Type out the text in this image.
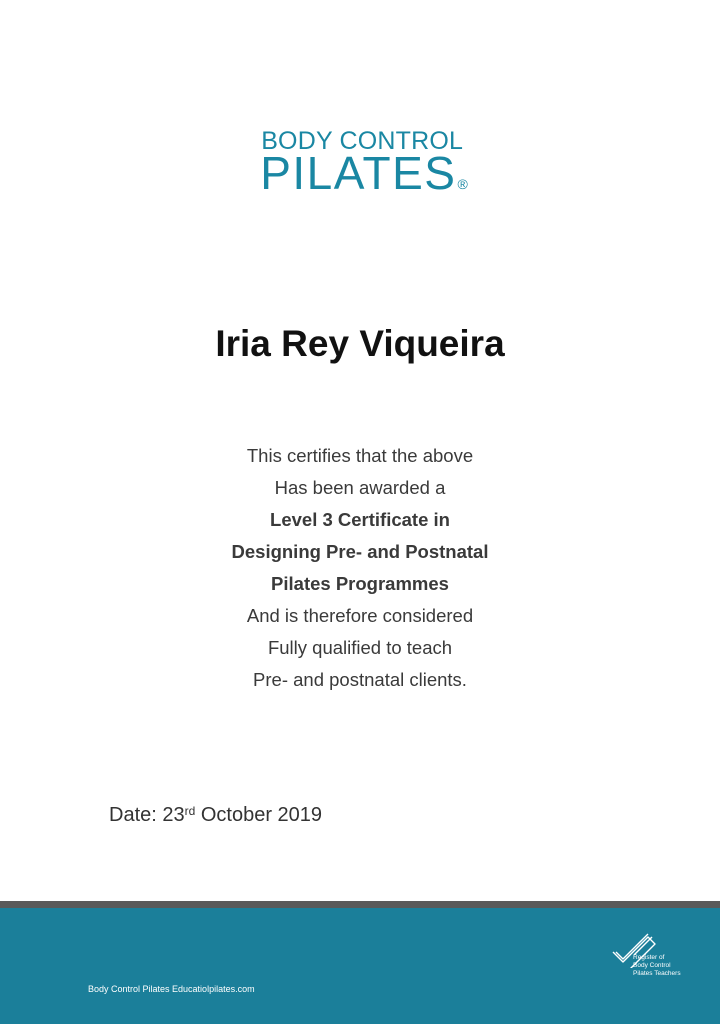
BODY CONTROL
PILATES®
Iria Rey Viqueira
This certifies that the above
Has been awarded a
Level 3 Certificate in
Designing Pre- and Postnatal
Pilates Programmes
And is therefore considered
Fully qualified to teach
Pre- and postnatal clients.
Date: 23rd October 2019
Body Control Pilates Educatiolpilates.com
Register of
Body Control
Pilates Teachers
